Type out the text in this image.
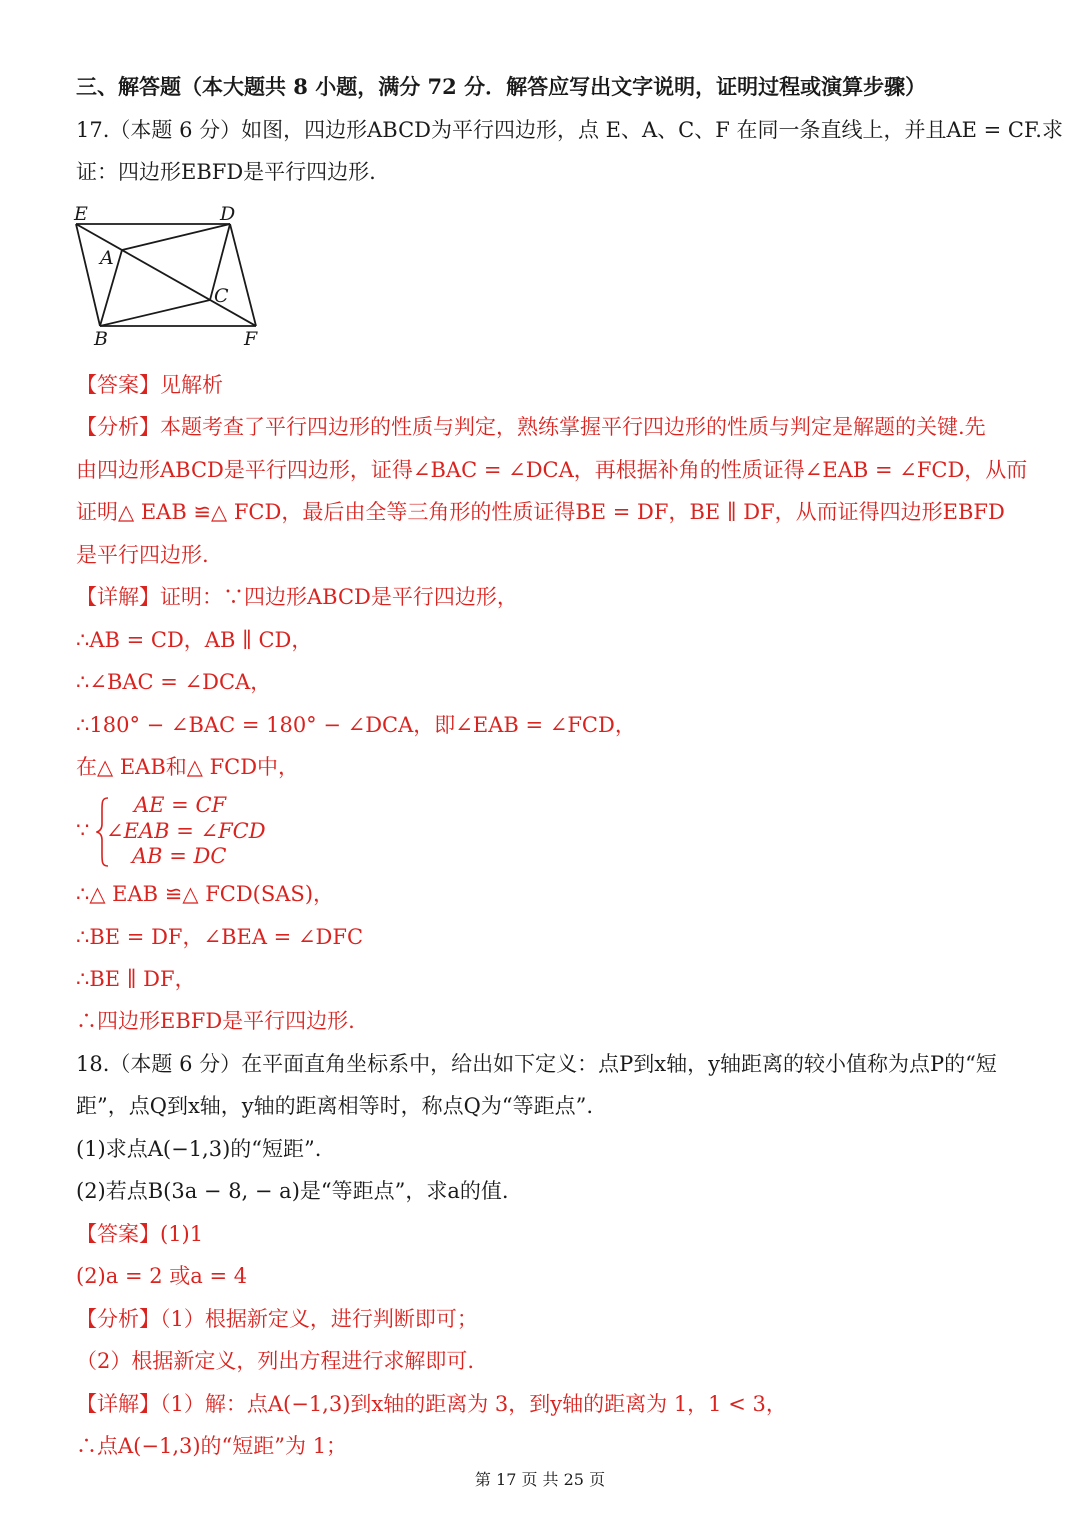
三、解答题（本大题共 8 小题，满分 72 分．解答应写出文字说明，证明过程或演算步骤）
17.（本题 6 分）如图，四边形ABCD为平行四边形，点 E、A、C、F 在同一条直线上，并且AE = CF.求
证：四边形EBFD是平行四边形.
E	D
A
C
B	F
【答案】见解析
【分析】本题考查了平行四边形的性质与判定，熟练掌握平行四边形的性质与判定是解题的关键.先
由四边形ABCD是平行四边形，证得∠BAC = ∠DCA，再根据补角的性质证得∠EAB = ∠FCD，从而
证明△ EAB ≌△ FCD，最后由全等三角形的性质证得BE = DF，BE ∥ DF，从而证得四边形EBFD
是平行四边形.
【详解】证明：∵四边形ABCD是平行四边形，
∴AB = CD，AB ∥ CD，
∴∠BAC = ∠DCA，
∴180° − ∠BAC = 180° − ∠DCA，即∠EAB = ∠FCD，
在△ EAB和△ FCD中，
∵
AE = CF
∠EAB = ∠FCD
AB = DC
∴△ EAB ≌△ FCD(SAS)，
∴BE = DF，∠BEA = ∠DFC
∴BE ∥ DF，
∴四边形EBFD是平行四边形.
18.（本题 6 分）在平面直角坐标系中，给出如下定义：点P到x轴，y轴距离的较小值称为点P的“短
距”，点Q到x轴，y轴的距离相等时，称点Q为“等距点”.
(1)求点A(−1,3)的“短距”.
(2)若点B(3a − 8, − a)是“等距点”，求a的值.
【答案】(1)1
(2)a = 2 或a = 4
【分析】（1）根据新定义，进行判断即可；
（2）根据新定义，列出方程进行求解即可.
【详解】（1）解：点A(−1,3)到x轴的距离为 3，到y轴的距离为 1，1 < 3，
∴点A(−1,3)的“短距”为 1；
第 17 页 共 25 页
